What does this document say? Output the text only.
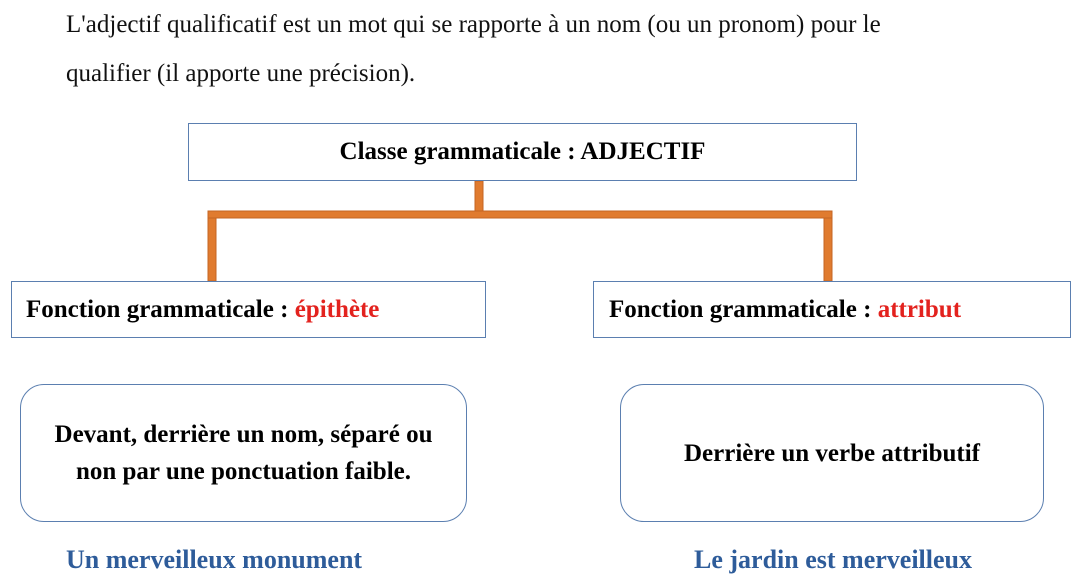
L'adjectif qualificatif est un mot qui se rapporte à un nom (ou un pronom) pour le
qualifier (il apporte une précision).
Classe grammaticale : ADJECTIF
Fonction grammaticale : épithète	Fonction grammaticale : attribut
Devant, derrière un nom, séparé ou non par une ponctuation faible.
Derrière un verbe attributif
Un merveilleux monument	Le jardin est merveilleux
